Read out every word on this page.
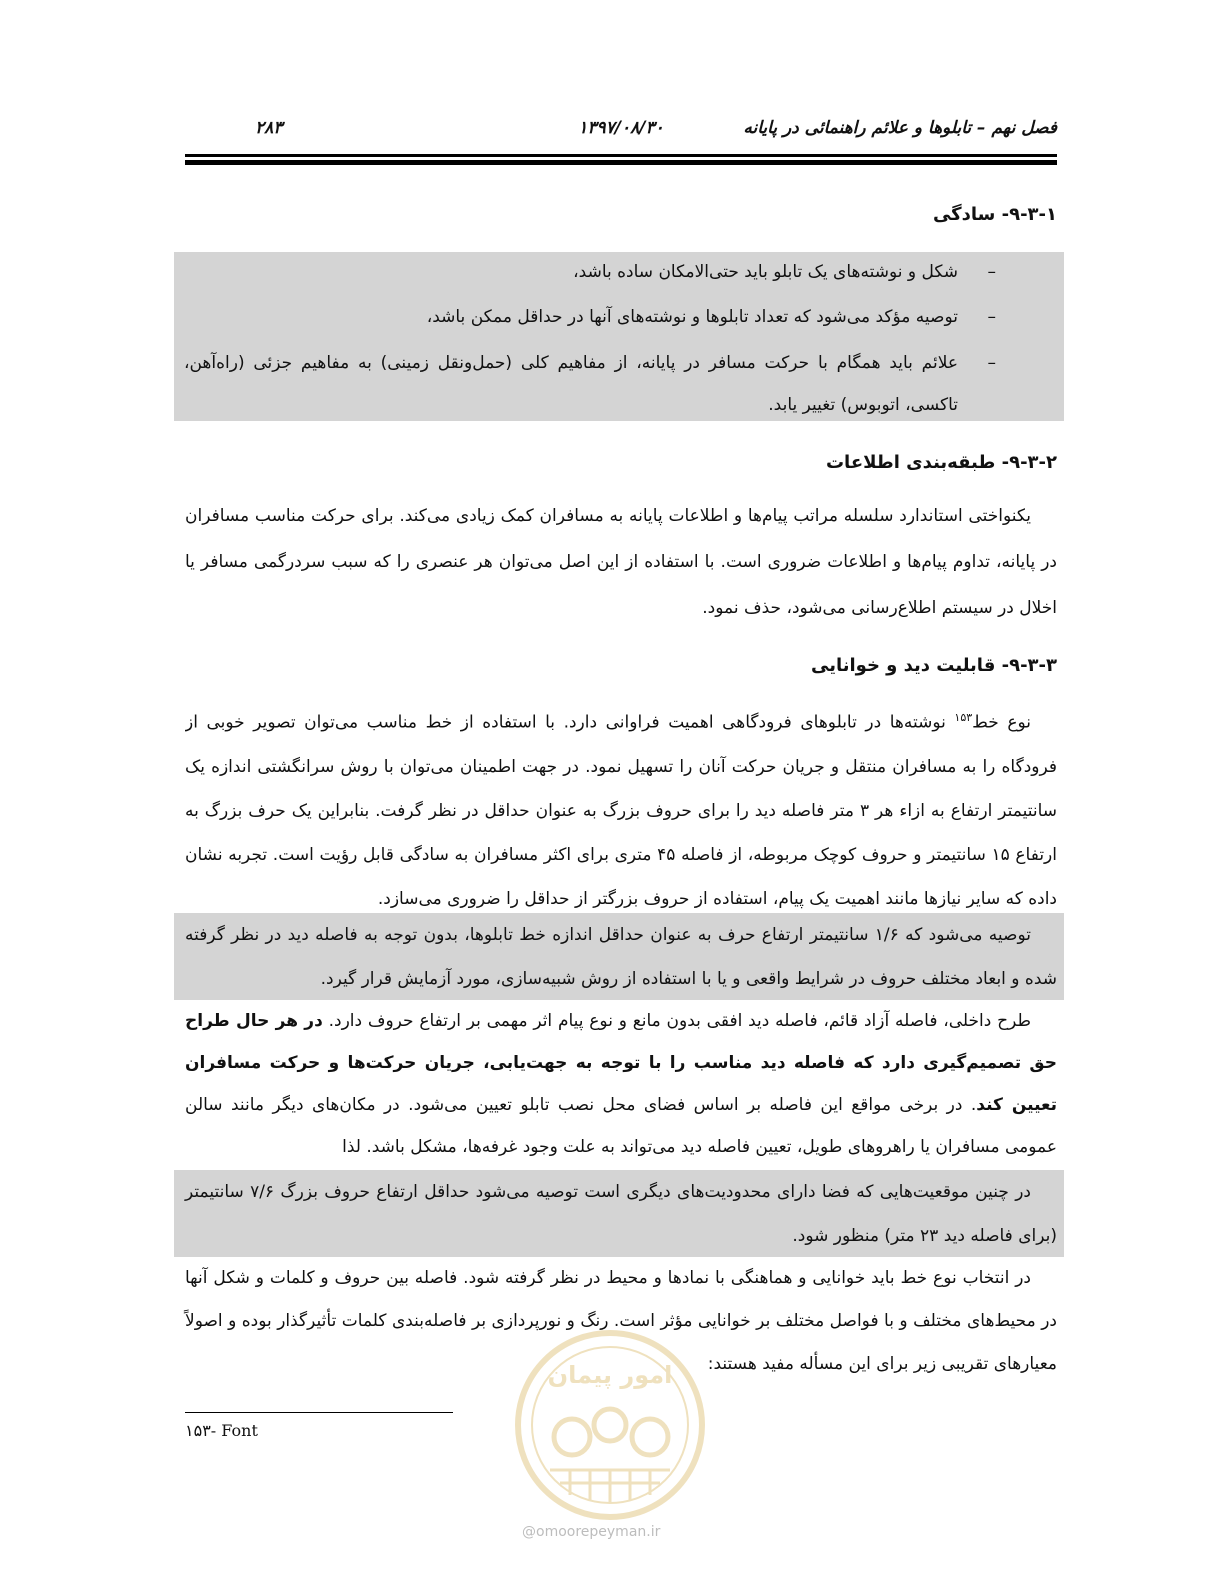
فصل نهم – تابلوها و علائم راهنمائی در پایانه
۱۳۹۷/۰۸/۳۰
۲۸۳
۹-۳-۱- سادگی
– شکل و نوشته‌های یک تابلو باید حتی‌الامکان ساده باشد،
– توصیه مؤکد می‌شود که تعداد تابلوها و نوشته‌های آنها در حداقل ممکن باشد،
– علائم باید همگام با حرکت مسافر در پایانه، از مفاهیم کلی (حمل‌ونقل زمینی) به مفاهیم جزئی (راه‌آهن، تاکسی، اتوبوس) تغییر یابد.
۹-۳-۲- طبقه‌بندی اطلاعات

یکنواختی استاندارد سلسله مراتب پیام‌ها و اطلاعات پایانه به مسافران کمک زیادی می‌کند. برای حرکت مناسب مسافران در پایانه، تداوم پیام‌ها و اطلاعات ضروری است. با استفاده از این اصل می‌توان هر عنصری را که سبب سردرگمی مسافر یا اخلال در سیستم اطلاع‌رسانی می‌شود، حذف نمود.

۹-۳-۳- قابلیت دید و خوانایی

نوع خط$^{۱۵۳}$ نوشته‌ها در تابلوهای فرودگاهی اهمیت فراوانی دارد. با استفاده از خط مناسب می‌توان تصویر خوبی از فرودگاه را به مسافران منتقل و جریان حرکت آنان را تسهیل نمود. در جهت اطمینان می‌توان با روش سرانگشتی اندازه یک سانتیمتر ارتفاع به ازاء هر ۳ متر فاصله دید را برای حروف بزرگ به عنوان حداقل در نظر گرفت. بنابراین یک حرف بزرگ به ارتفاع ۱۵ سانتیمتر و حروف کوچک مربوطه، از فاصله ۴۵ متری برای اکثر مسافران به سادگی قابل رؤیت است. تجربه نشان داده که سایر نیازها مانند اهمیت یک پیام، استفاده از حروف بزرگتر از حداقل را ضروری می‌سازد.

توصیه می‌شود که ۱/۶ سانتیمتر ارتفاع حرف به عنوان حداقل اندازه خط تابلوها، بدون توجه به فاصله دید در نظر گرفته شده و ابعاد مختلف حروف در شرایط واقعی و یا با استفاده از روش شبیه‌سازی، مورد آزمایش قرار گیرد.

طرح داخلی، فاصله آزاد قائم، فاصله دید افقی بدون مانع و نوع پیام اثر مهمی بر ارتفاع حروف دارد. در هر حال طراح حق تصمیم‌گیری دارد که فاصله دید مناسب را با توجه به جهت‌یابی، جریان حرکت‌ها و حرکت مسافران تعیین کند. در برخی مواقع این فاصله بر اساس فضای محل نصب تابلو تعیین می‌شود. در مکان‌های دیگر مانند سالن عمومی مسافران یا راهروهای طویل، تعیین فاصله دید می‌تواند به علت وجود غرفه‌ها، مشکل باشد. لذا

در چنین موقعیت‌هایی که فضا دارای محدودیت‌های دیگری است توصیه می‌شود حداقل ارتفاع حروف بزرگ ۷/۶ سانتیمتر (برای فاصله دید ۲۳ متر) منظور شود.

در انتخاب نوع خط باید خوانایی و هماهنگی با نمادها و محیط در نظر گرفته شود. فاصله بین حروف و کلمات و شکل آنها در محیط‌های مختلف و با فواصل مختلف بر خوانایی مؤثر است. رنگ و نورپردازی بر فاصله‌بندی کلمات تأثیرگذار بوده و اصولاً معیارهای تقریبی زیر برای این مسأله مفید هستند:

امور پیمان
@omoorepeyman.ir
۱۵۳- Font
